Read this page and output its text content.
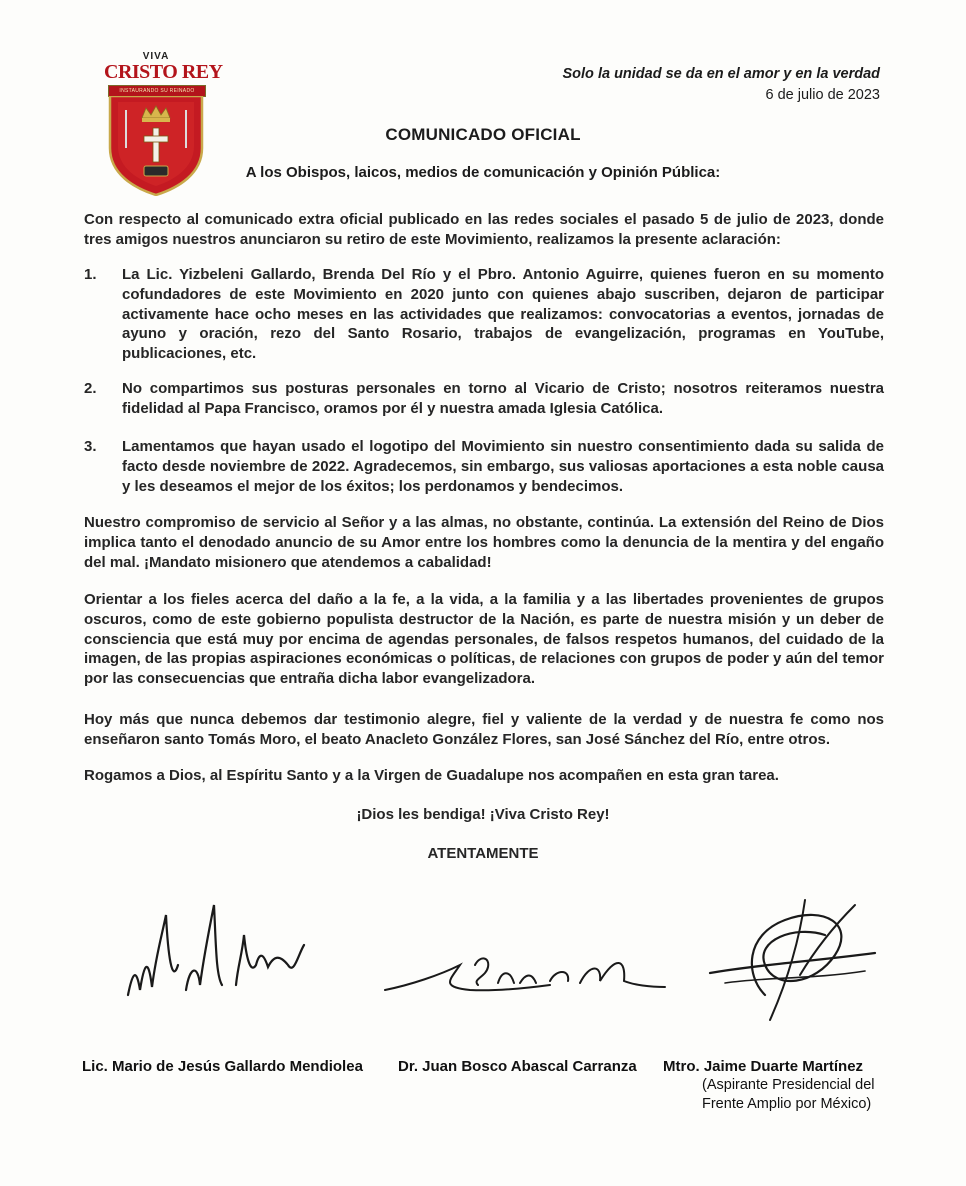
VIVA
CRISTO REY
INSTAURANDO SU REINADO
Solo la unidad se da en el amor y en la verdad
6 de julio de 2023
COMUNICADO OFICIAL
A los Obispos, laicos, medios de comunicación y Opinión Pública:
Con respecto al comunicado extra oficial publicado en las redes sociales el pasado 5 de julio de 2023, donde tres amigos nuestros anunciaron su retiro de este Movimiento, realizamos la presente aclaración:
1. La Lic. Yizbeleni Gallardo, Brenda Del Río y el Pbro. Antonio Aguirre, quienes fueron en su momento cofundadores de este Movimiento en 2020 junto con quienes abajo suscriben, dejaron de participar activamente hace ocho meses en las actividades que realizamos: convocatorias a eventos, jornadas de ayuno y oración, rezo del Santo Rosario, trabajos de evangelización, programas en YouTube, publicaciones, etc.
2. No compartimos sus posturas personales en torno al Vicario de Cristo; nosotros reiteramos nuestra fidelidad al Papa Francisco, oramos por él y nuestra amada Iglesia Católica.
3. Lamentamos que hayan usado el logotipo del Movimiento sin nuestro consentimiento dada su salida de facto desde noviembre de 2022. Agradecemos, sin embargo, sus valiosas aportaciones a esta noble causa y les deseamos el mejor de los éxitos; los perdonamos y bendecimos.
Nuestro compromiso de servicio al Señor y a las almas, no obstante, continúa. La extensión del Reino de Dios implica tanto el denodado anuncio de su Amor entre los hombres como la denuncia de la mentira y del engaño del mal. ¡Mandato misionero que atendemos a cabalidad!
Orientar a los fieles acerca del daño a la fe, a la vida, a la familia y a las libertades provenientes de grupos oscuros, como de este gobierno populista destructor de la Nación, es parte de nuestra misión y un deber de consciencia que está muy por encima de agendas personales, de falsos respetos humanos, del cuidado de la imagen, de las propias aspiraciones económicas o políticas, de relaciones con grupos de poder y aún del temor por las consecuencias que entraña dicha labor evangelizadora.
Hoy más que nunca debemos dar testimonio alegre, fiel y valiente de la verdad y de nuestra fe como nos enseñaron santo Tomás Moro, el beato Anacleto González Flores, san José Sánchez del Río, entre otros.
Rogamos a Dios, al Espíritu Santo y a la Virgen de Guadalupe nos acompañen en esta gran tarea.
¡Dios les bendiga! ¡Viva Cristo Rey!
ATENTAMENTE
Lic. Mario de Jesús Gallardo Mendiolea Dr. Juan Bosco Abascal Carranza Mtro. Jaime Duarte Martínez
(Aspirante Presidencial del
Frente Amplio por México)
